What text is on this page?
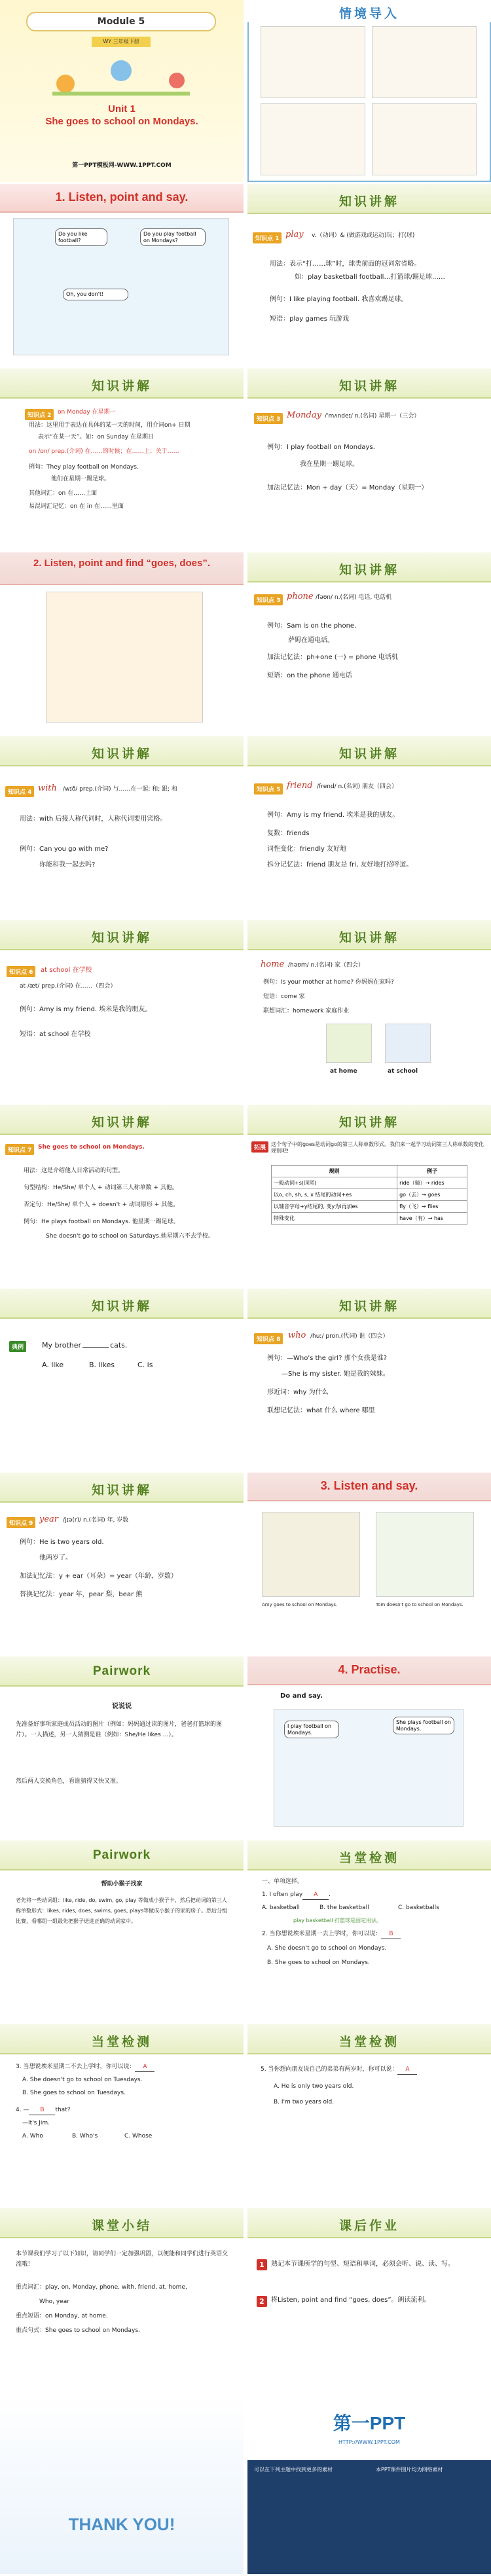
Module 5
WY 三年级下册
Unit 1
She goes to school on Mondays.
第一PPT模板网-WWW.1PPT.COM
情境导入
1. Listen, point and say.
Do you like football?
Do you play football on Mondays?
Oh, you don't!
知识讲解
知识点 1 play v.（动词）& (做游戏或运动)玩；打(球)
用法：表示“打……球”时，球类前面的冠词常省略。
如：play basketball football…打篮球/踢足球……
例句：I like playing football. 我喜欢踢足球。
短语：play games 玩游戏
知识讲解
知识点 2	on Monday 在星期一
用法：这里用于表达在具体的某一天的时间，用介词on+ 日期
表示“在某一天”。如：on Sunday 在星期日
on /ɒn/ prep.(介词) 在……的时候；在……上；关于……
例句：They play football on Mondays.
他们在星期一踢足球。
其他词汇：on 在……上面
易混词汇记忆：on 在 in 在……里面
知识讲解
知识点 3 Monday /ˈmʌndeɪ/ n.(名词) 星期一（三会）
例句：I play football on Mondays.
我在星期一踢足球。
加法记忆法：Mon + day（天）= Monday（星期一）
2. Listen, point and find “goes, does”.
知识讲解
知识点 3 phone /fəʊn/ n.(名词) 电话, 电话机
例句：Sam is on the phone.
萨姆在通电话。
加法记忆法：ph+one (一) = phone 电话机
短语：on the phone 通电话
知识讲解
知识点 4 with /wɪð/ prep.(介词) 与……在一起; 和; 跟; 和
用法：with 后接人称代词时，人称代词要用宾格。
例句：Can you go with me?
你能和我一起去吗?
知识讲解
知识点 5 friend /frend/ n.(名词) 朋友（四会）
例句：Amy is my friend. 埃米是我的朋友。
复数：friends
词性变化：friendly 友好地
拆分记忆法：friend 朋友是 fri, 友好地打招呼道。
知识讲解
知识点 6	at school 在学校
at /æt/ prep.(介词) 在……（四会）
例句：Amy is my friend. 埃米是我的朋友。
短语：at school 在学校
知识讲解
home /həʊm/ n.(名词) 家（四会）
例句：Is your mother at home? 你妈妈在家吗?
短语：come 家
联想词汇：homework 家庭作业
at home	at school
知识讲解
知识点 7	She goes to school on Mondays.
用法：这是介绍他人日常活动的句型。
句型结构：He/She/ 单个人 + 动词第三人称单数 + 其他。
否定句：He/She/ 单个人 + doesn't + 动词原形 + 其他。
例句：He plays football on Mondays. 他星期一踢足球。
She doesn't go to school on Saturdays.她星期六不去学校。
知识讲解
拓展
这个句子中的goes是动词go的第三人称单数形式。我们来一起学习动词第三人称单数的变化规则吧!
规则	例子
一般动词+s(词尾)	ride（骑）→ rides
以o, ch, sh, s, x 结尾的动词+es	go（去）→ goes
以辅音字母+y结尾的, 变y为i再加es	fly（飞）→ flies
特殊变化	have（有）→ has
知识讲解
典例	My brother	cats.
A. like	B. likes	C. is
知识讲解
知识点 8 who /huː/ pron.(代词) 谁（四会）
例句：—Who's the girl? 那个女孩是谁?
—She is my sister. 她是我的妹妹。
形近词：why 为什么
联想记忆法：what 什么 where 哪里
知识讲解
知识点 9 year /jɪə(r)/ n.(名词) 年, 岁数
例句：He is two years old.
他两岁了。
加法记忆法：y + ear（耳朵）= year（年龄，岁数）
替换记忆法：year 年，pear 梨，bear 熊
3. Listen and say.
Amy goes to school on Mondays.	Tom doesn't go to school on Mondays.
Pairwork
说说说
先准备好事项家庭成员活动的图片（例如：妈妈通过读的图片，爸爸打篮球的图片）。一人描述，另一人猜测是谁（例如：She/He likes ...）。
然后两人交换角色，看谁猜得又快又准。
4. Practise.
Do and say.
I play football on Mondays.
She plays football on Mondays.
Pairwork
帮助小猴子找家
老先将一些动词组：like, ride, do, swim, go, play 等做成小猴子卡，然后把动词的第三人称单数形式：likes, rides, does, swims, goes, plays等做成小猴子的家的房子。然后分组比赛，看哪组一组最先把猴子送进正确的动词家中。
当堂检测
一、单项选择。
1. I often play A .
A. basketball	B. the basketball	C. basketballs
play basketball 打篮球是固定用法。
2. 当你想说埃米星期一去上学时，你可以说： B
A. She doesn't go to school on Mondays.
B. She goes to school on Mondays.
当堂检测
3. 当想说埃米星期二不去上学时，你可以说： A
A. She doesn't go to school on Tuesdays.
B. She goes to school on Tuesdays.
4. — B that?
—It's Jim.
A. Who	B. Who's	C. Whose
当堂检测
5. 当你想向朋友说自己的弟弟有两岁时，你可以说： A
A. He is only two years old.
B. I'm two years old.
课堂小结
本节课我们学习了以下知识，请同学们一定加强巩固，以便能和同学们进行英语交流哦！
重点词汇：play, on, Monday, phone, with, friend, at, home,
Who, year
重点短语：on Monday, at home.
重点句式：She goes to school on Mondays.
课后作业
1	熟记本节课所学的句型、短语和单词，必须会听、说、读、写。
2	将Listen, point and find “goes, does”。朗读流利。
THANK YOU!
第一PPT
HTTP://WWW.1PPT.COM
可以在下列主题中找到更多的素材	本PPT课件图片均为网络素材
